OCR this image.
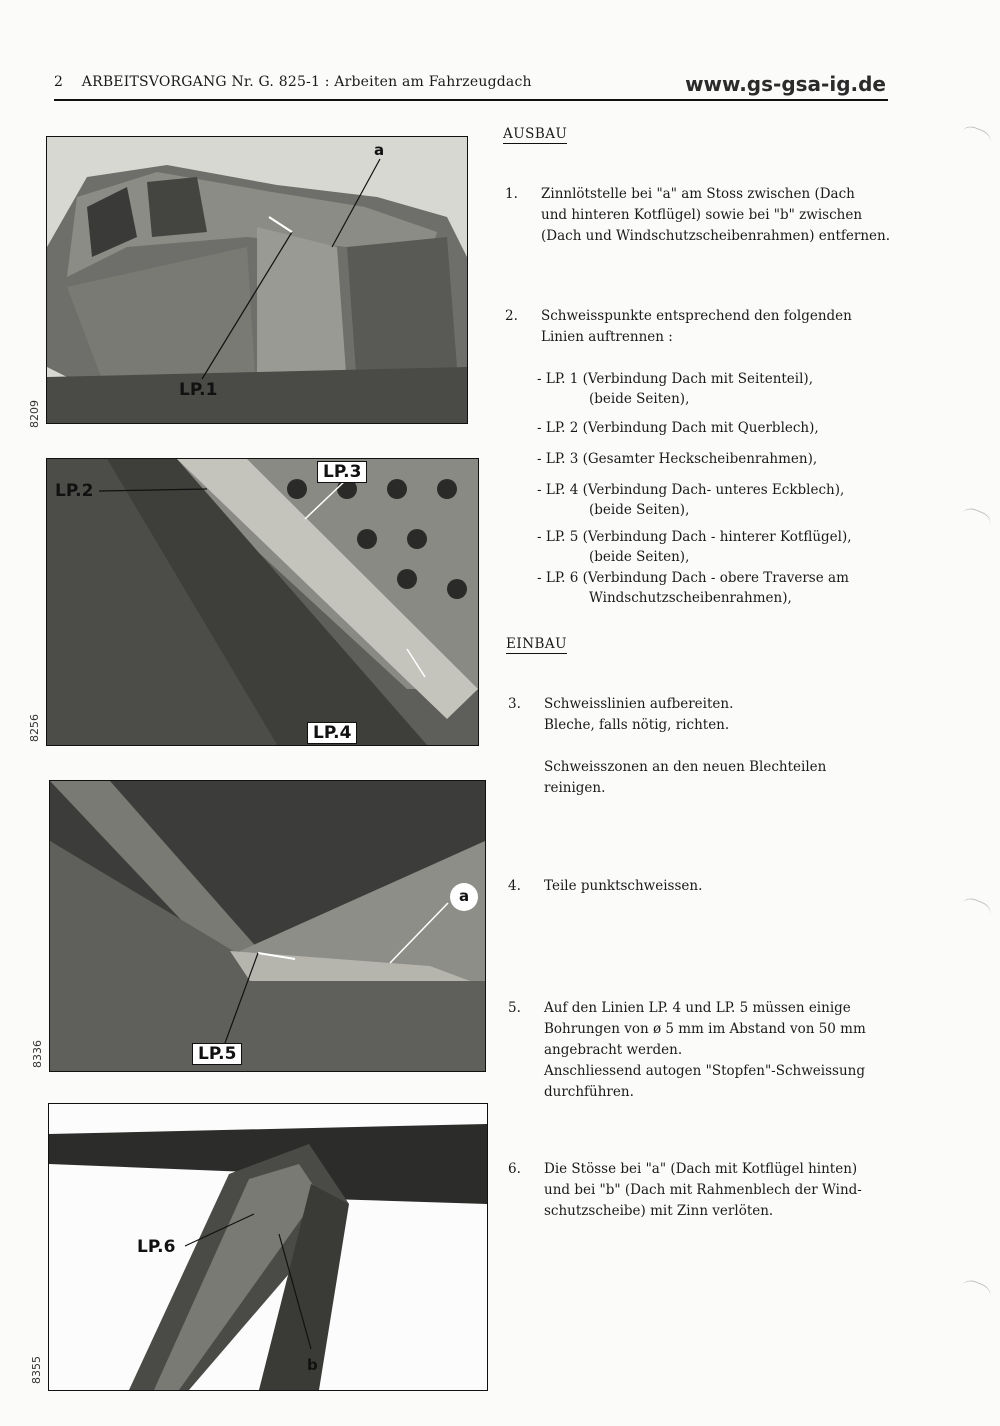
2 ARBEITSVORGANG Nr. G. 825-1 : Arbeiten am Fahrzeugdach	www.gs-gsa-ig.de
a
LP.1
8209
LP.2
LP.3
LP.4
8256
a
LP.5
8336
LP.6
b
8355
AUSBAU
1.	Zinnlötstelle bei "a" am Stoss zwischen (Dach
und hinteren Kotflügel) sowie bei "b" zwischen
(Dach und Windschutzscheibenrahmen) entfernen.
2.	Schweisspunkte entsprechend den folgenden
Linien auftrennen :
- LP. 1 (Verbindung Dach mit Seitenteil),
(beide Seiten),
- LP. 2 (Verbindung Dach mit Querblech),
- LP. 3 (Gesamter Heckscheibenrahmen),
- LP. 4 (Verbindung Dach- unteres Eckblech),
(beide Seiten),
- LP. 5 (Verbindung Dach - hinterer Kotflügel),
(beide Seiten),
- LP. 6 (Verbindung Dach - obere Traverse am
Windschutzscheibenrahmen),
EINBAU
3.	Schweisslinien aufbereiten.
Bleche, falls nötig, richten.

Schweisszonen an den neuen Blechteilen
reinigen.
4.	Teile punktschweissen.
5.	Auf den Linien LP. 4 und LP. 5 müssen einige
Bohrungen von ø 5 mm im Abstand von 50 mm
angebracht werden.
Anschliessend autogen "Stopfen"-Schweissung
durchführen.
6.	Die Stösse bei "a" (Dach mit Kotflügel hinten)
und bei "b" (Dach mit Rahmenblech der Wind-
schutzscheibe) mit Zinn verlöten.
